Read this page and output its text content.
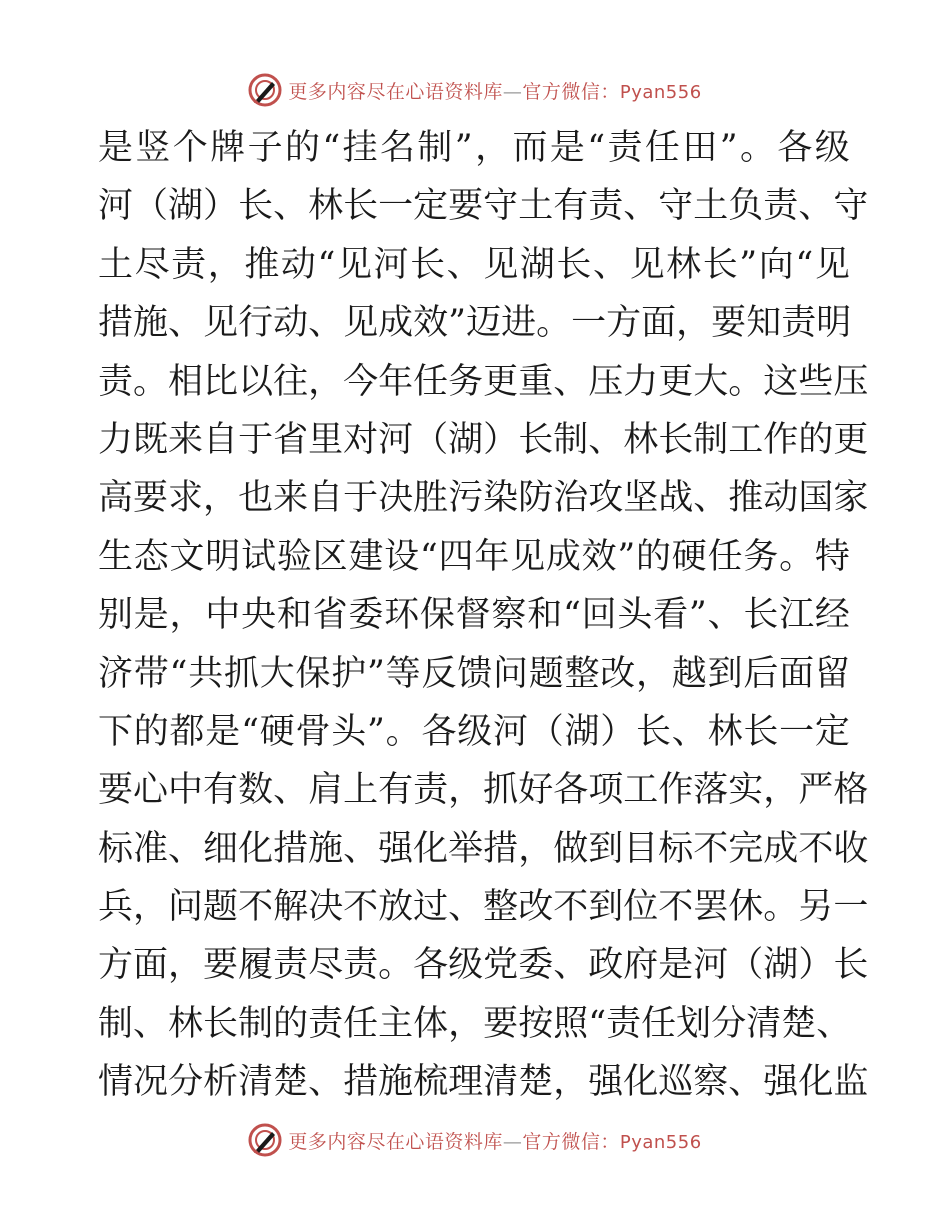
更多内容尽在心语资料库—官方微信：Pyan556
是 竖 个 牌 子 的 “ 挂 名 制 ” ， 而 是 “ 责 任 田 ” 。 各 级
河 （ 湖 ） 长 、 林 长 一 定 要 守 土 有 责 、 守 土 负 责 、 守
土 尽 责 ， 推 动 “ 见 河 长 、 见 湖 长 、 见 林 长 ” 向 “ 见
措 施 、 见 行 动 、 见 成 效 ” 迈 进 。 一 方 面 ， 要 知 责 明
责 。 相 比 以 往 ， 今 年 任 务 更 重 、 压 力 更 大 。 这 些 压
力 既 来 自 于 省 里 对 河 （ 湖 ） 长 制 、 林 长 制 工 作 的 更
高 要 求 ， 也 来 自 于 决 胜 污 染 防 治 攻 坚 战 、 推 动 国 家
生 态 文 明 试 验 区 建 设 “ 四 年 见 成 效 ” 的 硬 任 务 。 特
别 是 ， 中 央 和 省 委 环 保 督 察 和 “ 回 头 看 ” 、 长 江 经
济 带 “ 共 抓 大 保 护 ” 等 反 馈 问 题 整 改 ， 越 到 后 面 留
下 的 都 是 “ 硬 骨 头 ” 。 各 级 河 （ 湖 ） 长 、 林 长 一 定
要 心 中 有 数 、 肩 上 有 责 ， 抓 好 各 项 工 作 落 实 ， 严 格
标 准 、 细 化 措 施 、 强 化 举 措 ， 做 到 目 标 不 完 成 不 收
兵 ， 问 题 不 解 决 不 放 过 、 整 改 不 到 位 不 罢 休 。 另 一
方 面 ， 要 履 责 尽 责 。 各 级 党 委 、 政 府 是 河 （ 湖 ） 长
制 、 林 长 制 的 责 任 主 体 ， 要 按 照 “ 责 任 划 分 清 楚 、
情 况 分 析 清 楚 、 措 施 梳 理 清 楚 ， 强 化 巡 察 、 强 化 监
更多内容尽在心语资料库—官方微信：Pyan556
